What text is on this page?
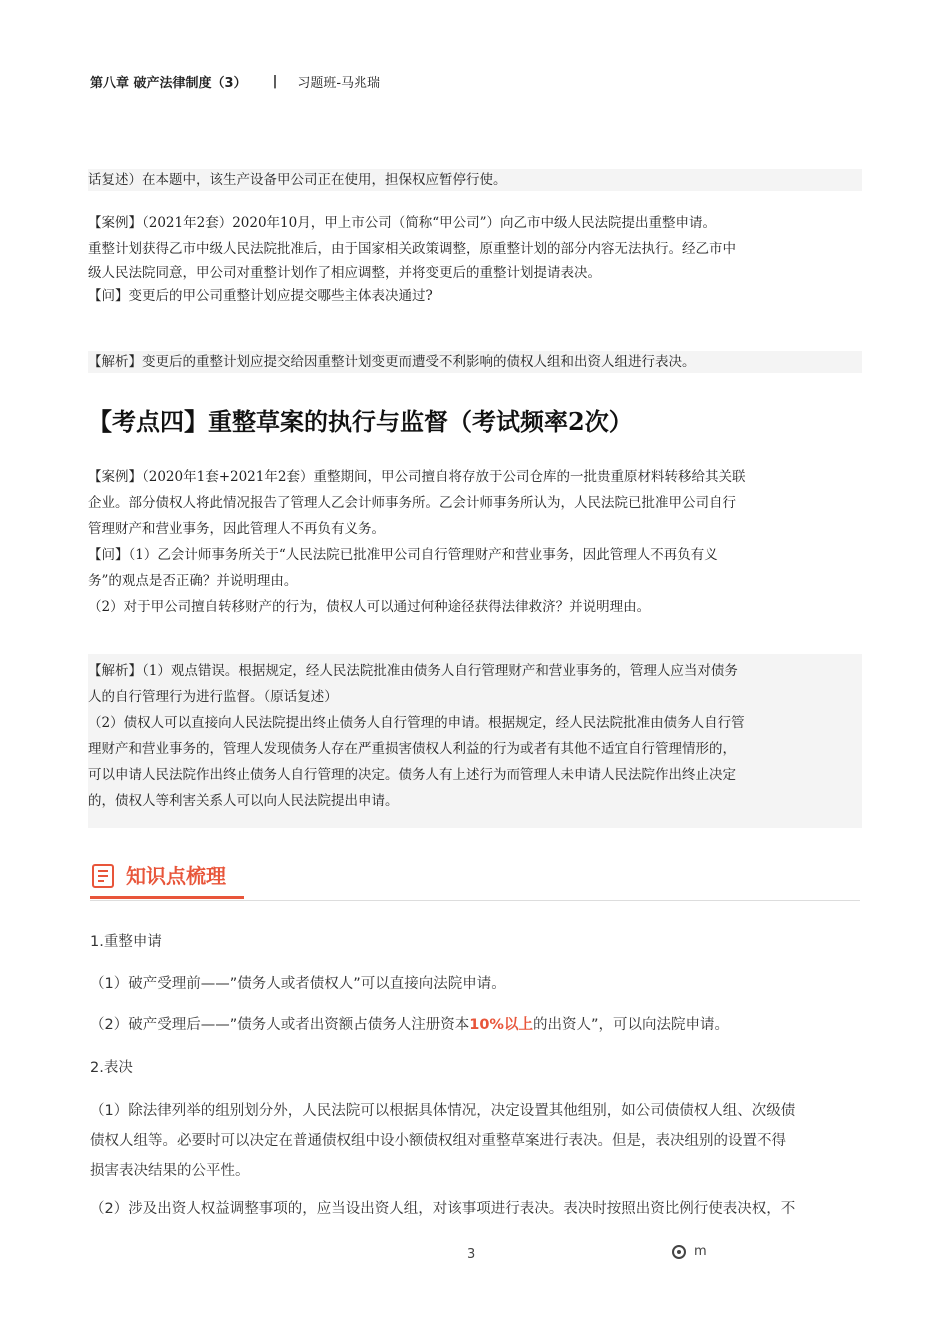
第八章 破产法律制度（3） | 习题班-马兆瑞
话复述）在本题中，该生产设备甲公司正在使用，担保权应暂停行使。
【案例】（2021年2套）2020年10月，甲上市公司（简称“甲公司”）向乙市中级人民法院提出重整申请。
重整计划获得乙市中级人民法院批准后，由于国家相关政策调整，原重整计划的部分内容无法执行。经乙市中
级人民法院同意，甲公司对重整计划作了相应调整，并将变更后的重整计划提请表决。
【问】变更后的甲公司重整计划应提交哪些主体表决通过?
【解析】变更后的重整计划应提交给因重整计划变更而遭受不利影响的债权人组和出资人组进行表决。
【考点四】重整草案的执行与监督（考试频率2次）
【案例】（2020年1套+2021年2套）重整期间，甲公司擅自将存放于公司仓库的一批贵重原材料转移给其关联
企业。部分债权人将此情况报告了管理人乙会计师事务所。乙会计师事务所认为，人民法院已批准甲公司自行
管理财产和营业事务，因此管理人不再负有义务。
【问】（1）乙会计师事务所关于“人民法院已批准甲公司自行管理财产和营业事务，因此管理人不再负有义
务”的观点是否正确？并说明理由。
（2）对于甲公司擅自转移财产的行为，债权人可以通过何种途径获得法律救济？并说明理由。
【解析】（1）观点错误。根据规定，经人民法院批准由债务人自行管理财产和营业事务的，管理人应当对债务
人的自行管理行为进行监督。（原话复述）
（2）债权人可以直接向人民法院提出终止债务人自行管理的申请。根据规定，经人民法院批准由债务人自行管
理财产和营业事务的，管理人发现债务人存在严重损害债权人利益的行为或者有其他不适宜自行管理情形的，
可以申请人民法院作出终止债务人自行管理的决定。债务人有上述行为而管理人未申请人民法院作出终止决定
的，债权人等利害关系人可以向人民法院提出申请。
知识点梳理
1.重整申请
（1）破产受理前——”债务人或者债权人”可以直接向法院申请。
（2）破产受理后——”债务人或者出资额占债务人注册资本10%以上的出资人”，可以向法院申请。
2.表决
（1）除法律列举的组别划分外，人民法院可以根据具体情况，决定设置其他组别，如公司债债权人组、次级债
债权人组等。必要时可以决定在普通债权组中设小额债权组对重整草案进行表决。但是，表决组别的设置不得
损害表决结果的公平性。
（2）涉及出资人权益调整事项的，应当设出资人组，对该事项进行表决。表决时按照出资比例行使表决权，不
3	m
